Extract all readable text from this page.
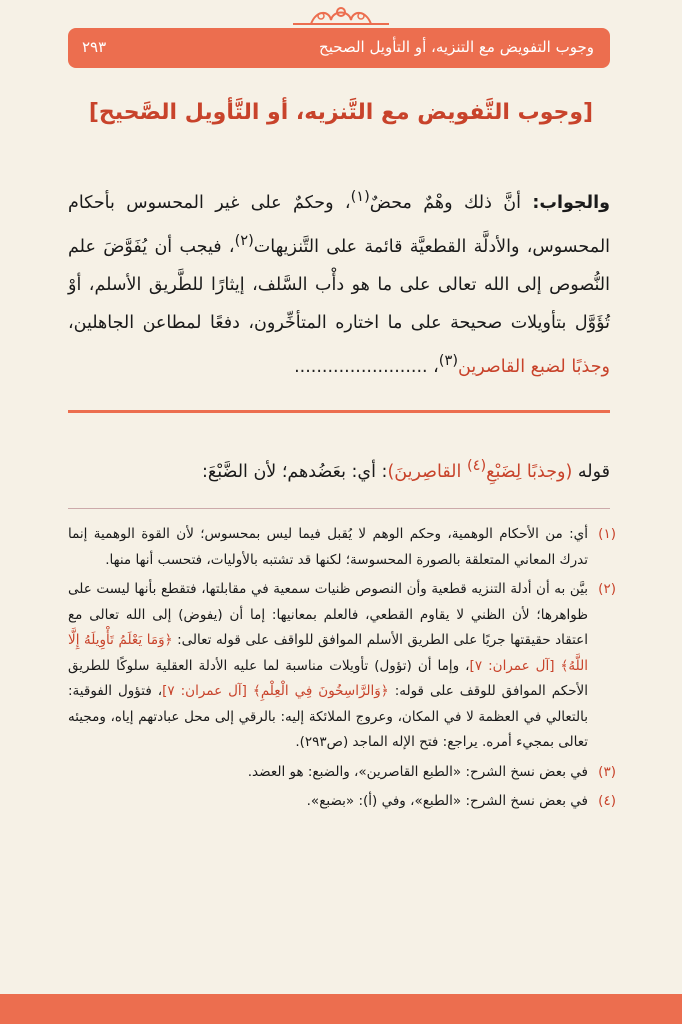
وجوب التفويض مع التنزيه، أو التأويل الصحيح
٢٩٣
[وجوب التَّفويض مع التَّنزيه، أو التَّأويل الصَّحيح]
والجواب: أنَّ ذلك وهْمٌ محضٌ$^{(١)}$، وحكمٌ على غير المحسوس بأحكام المحسوس، والأدلَّة القطعيَّة قائمة على التَّنزيهات$^{(٢)}$، فيجب أن يُفَوَّضَ علم النُّصوص إلى الله تعالى على ما هو دأْب السَّلف، إيثارًا للطَّريق الأسلم، أوْ تُؤَوَّل بتأويلات صحيحة على ما اختاره المتأخِّرون، دفعًا لمطاعن الجاهلين، وجذبًا لضبع القاصرين$^{(٣)}$، ........................
قوله (وجذبًا لِضَبْعِ$^{(٤)}$ القاصِرينَ): أي: بعَضُدهم؛ لأن الضَّبْعَ:
(١)
أي: من الأحكام الوهمية، وحكم الوهم لا يُقبل فيما ليس بمحسوس؛ لأن القوة الوهمية إنما تدرك المعاني المتعلقة بالصورة المحسوسة؛ لكنها قد تشتبه بالأوليات، فتحسب أنها منها.
(٢)
بيَّن به أن أدلة التنزيه قطعية وأن النصوص ظنيات سمعية في مقابلتها، فتقطع بأنها ليست على ظواهرها؛ لأن الظني لا يقاوم القطعي، فالعلم بمعانيها: إما أن (يفوض) إلى الله تعالى مع اعتقاد حقيقتها جريًا على الطريق الأسلم الموافق للواقف على قوله تعالى: ﴿وَمَا يَعْلَمُ تَأْوِيلَهُ إِلَّا اللَّهُ﴾ [آل عمران: ٧]، وإما أن (تؤول) تأويلات مناسبة لما عليه الأدلة العقلية سلوكًا للطريق الأحكم الموافق للوقف على قوله: ﴿وَالرَّاسِخُونَ فِي الْعِلْمِ﴾ [آل عمران: ٧]، فتؤول الفوقية: بالتعالي في العظمة لا في المكان، وعروج الملائكة إليه: بالرقي إلى محل عبادتهم إياه، ومجيئه تعالى بمجيء أمره. يراجع: فتح الإله الماجد (ص٢٩٣).
(٣)
في بعض نسخ الشرح: «الطبع القاصرين»، والضبع: هو العضد.
(٤)
في بعض نسخ الشرح: «الطبع»، وفي (أ): «بضبع».
